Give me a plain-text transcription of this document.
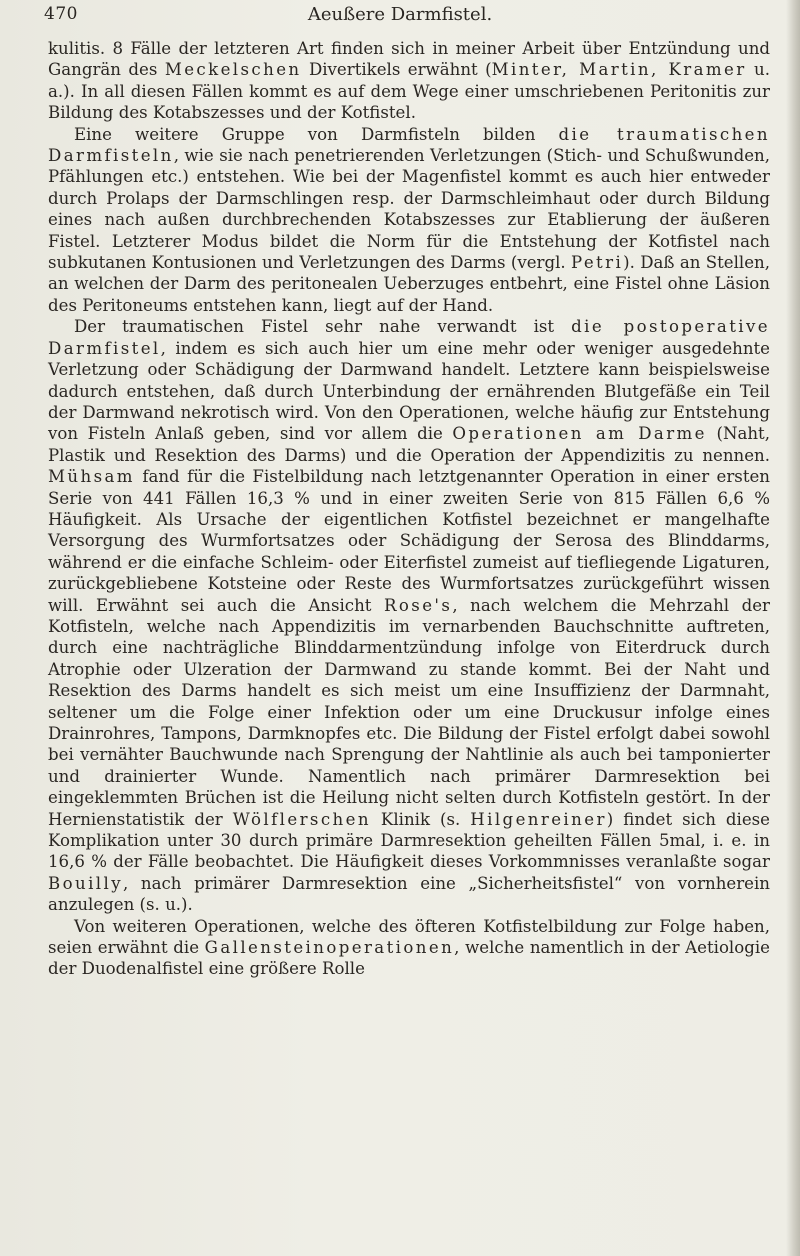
470	Aeußere Darmfistel.

kulitis. 8 Fälle der letzteren Art finden sich in meiner Arbeit über Entzündung und Gangrän des Meckelschen Divertikels erwähnt (Minter, Martin, Kramer u. a.). In all diesen Fällen kommt es auf dem Wege einer umschriebenen Peritonitis zur Bildung des Kotabszesses und der Kotfistel.

Eine weitere Gruppe von Darmfisteln bilden die traumatischen Darmfisteln, wie sie nach penetrierenden Verletzungen (Stich- und Schußwunden, Pfählungen etc.) entstehen. Wie bei der Magenfistel kommt es auch hier entweder durch Prolaps der Darmschlingen resp. der Darmschleimhaut oder durch Bildung eines nach außen durchbrechenden Kotabszesses zur Etablierung der äußeren Fistel. Letzterer Modus bildet die Norm für die Entstehung der Kotfistel nach subkutanen Kontusionen und Verletzungen des Darms (vergl. Petri). Daß an Stellen, an welchen der Darm des peritonealen Ueberzuges entbehrt, eine Fistel ohne Läsion des Peritoneums entstehen kann, liegt auf der Hand.

Der traumatischen Fistel sehr nahe verwandt ist die postoperative Darmfistel, indem es sich auch hier um eine mehr oder weniger ausgedehnte Verletzung oder Schädigung der Darmwand handelt. Letztere kann beispielsweise dadurch entstehen, daß durch Unterbindung der ernährenden Blutgefäße ein Teil der Darmwand nekrotisch wird. Von den Operationen, welche häufig zur Entstehung von Fisteln Anlaß geben, sind vor allem die Operationen am Darme (Naht, Plastik und Resektion des Darms) und die Operation der Appendizitis zu nennen. Mühsam fand für die Fistelbildung nach letztgenannter Operation in einer ersten Serie von 441 Fällen 16,3 % und in einer zweiten Serie von 815 Fällen 6,6 % Häufigkeit. Als Ursache der eigentlichen Kotfistel bezeichnet er mangelhafte Versorgung des Wurmfortsatzes oder Schädigung der Serosa des Blinddarms, während er die einfache Schleim- oder Eiterfistel zumeist auf tiefliegende Ligaturen, zurückgebliebene Kotsteine oder Reste des Wurmfortsatzes zurückgeführt wissen will. Erwähnt sei auch die Ansicht Rose's, nach welchem die Mehrzahl der Kotfisteln, welche nach Appendizitis im vernarbenden Bauchschnitte auftreten, durch eine nachträgliche Blinddarmentzündung infolge von Eiterdruck durch Atrophie oder Ulzeration der Darmwand zu stande kommt. Bei der Naht und Resektion des Darms handelt es sich meist um eine Insuffizienz der Darmnaht, seltener um die Folge einer Infektion oder um eine Druckusur infolge eines Drainrohres, Tampons, Darmknopfes etc. Die Bildung der Fistel erfolgt dabei sowohl bei vernähter Bauchwunde nach Sprengung der Nahtlinie als auch bei tamponierter und drainierter Wunde. Namentlich nach primärer Darmresektion bei eingeklemmten Brüchen ist die Heilung nicht selten durch Kotfisteln gestört. In der Hernienstatistik der Wölflerschen Klinik (s. Hilgenreiner) findet sich diese Komplikation unter 30 durch primäre Darmresektion geheilten Fällen 5mal, i. e. in 16,6 % der Fälle beobachtet. Die Häufigkeit dieses Vorkommnisses veranlaßte sogar Bouilly, nach primärer Darmresektion eine „Sicherheitsfistel“ von vornherein anzulegen (s. u.).

Von weiteren Operationen, welche des öfteren Kotfistelbildung zur Folge haben, seien erwähnt die Gallensteinoperationen, welche namentlich in der Aetiologie der Duodenalfistel eine größere Rolle
